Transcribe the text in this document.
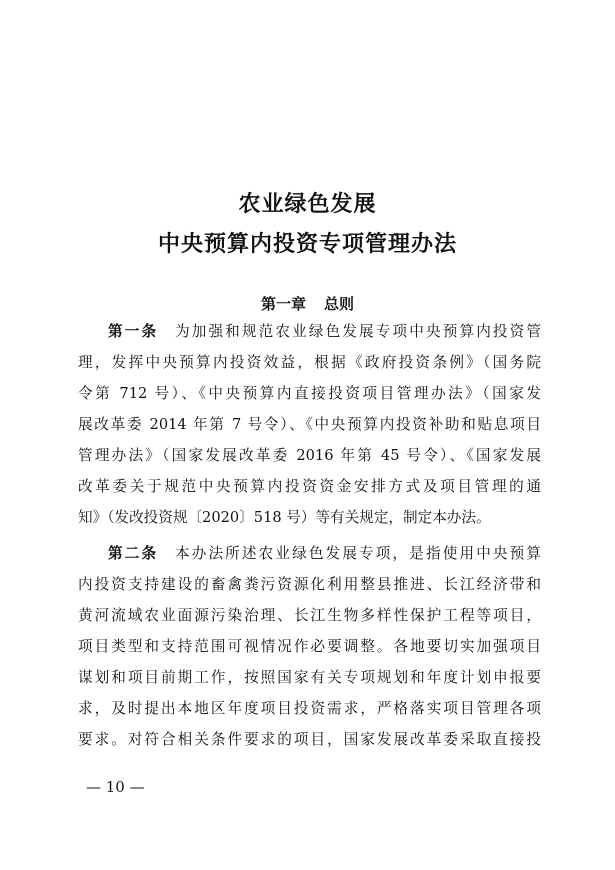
农业绿色发展
中央预算内投资专项管理办法
第一章 总则
第一条　 为加强和规范农业绿色发展专项中央预算内投资管
理，发挥中央预算内投资效益，根据《政府投资条例》（国务院
令第 712 号）、《中央预算内直接投资项目管理办法》（国家发
展改革委 2014 年第 7 号令）、《中央预算内投资补助和贴息项目
管理办法》（国家发展改革委 2016 年第 45 号令）、《国家发展
改革委关于规范中央预算内投资资金安排方式及项目管理的通
知》（发改投资规〔2020〕518 号）等有关规定，制定本办法。
第二条　 本办法所述农业绿色发展专项，是指使用中央预算
内投资支持建设的畜禽粪污资源化利用整县推进、长江经济带和
黄河流域农业面源污染治理、长江生物多样性保护工程等项目，
项目类型和支持范围可视情况作必要调整。各地要切实加强项目
谋划和项目前期工作，按照国家有关专项规划和年度计划申报要
求，及时提出本地区年度项目投资需求，严格落实项目管理各项
要求。对符合相关条件要求的项目，国家发展改革委采取直接投
— 10 —
